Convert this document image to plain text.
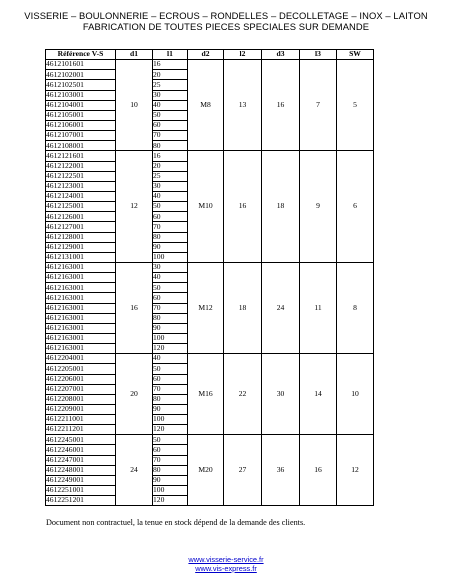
VISSERIE – BOULONNERIE – ECROUS – RONDELLES – DECOLLETAGE – INOX – LAITON
FABRICATION DE TOUTES PIECES SPECIALES SUR DEMANDE
Référence V-S	d1	l1	d2	l2	d3	l3	SW
4612101601	10	16	M8	13	16	7	5
4612102001		20					
4612102501		25					
4612103001		30					
4612104001		40					
4612105001		50					
4612106001		60					
4612107001		70					
4612108001		80					
4612121601	12	16	M10	16	18	9	6
4612122001		20					
4612122501		25					
4612123001		30					
4612124001		40					
4612125001		50					
4612126001		60					
4612127001		70					
4612128001		80					
4612129001		90					
4612131001		100					
4612163001	16	30	M12	18	24	11	8
4612163001		40					
4612163001		50					
4612163001		60					
4612163001		70					
4612163001		80					
4612163001		90					
4612163001		100					
4612163001		120					
4612204001	20	40	M16	22	30	14	10
4612205001		50					
4612206001		60					
4612207001		70					
4612208001		80					
4612209001		90					
4612211001		100					
4612211201		120					
4612245001	24	50	M20	27	36	16	12
4612246001		60					
4612247001		70					
4612248001		80					
4612249001		90					
4612251001		100					
4612251201		120					
Document non contractuel, la tenue en stock dépend de la demande des clients.
www.visserie-service.fr
www.vis-express.fr
